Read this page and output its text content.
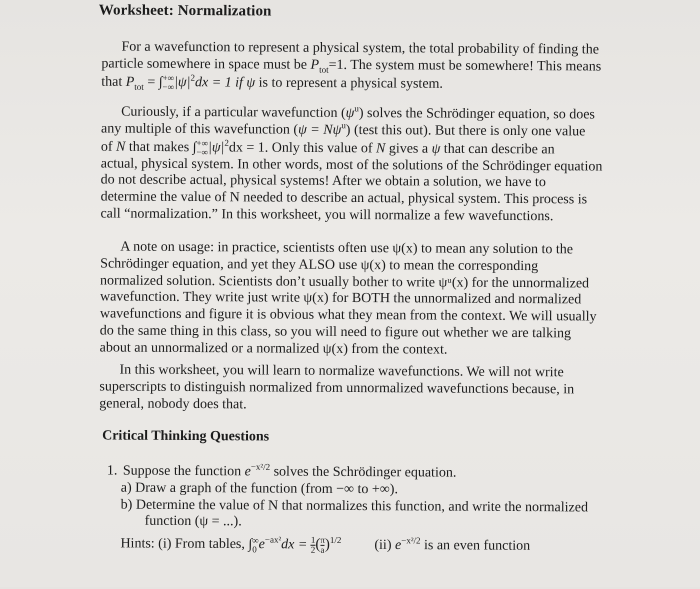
Worksheet: Normalization
For a wavefunction to represent a physical system, the total probability of finding the
particle somewhere in space must be $P_{tot}=1$. The system must be somewhere! This means
that $P_{tot}$ = ∫ +∞
−∞ $|\psi|^2dx = 1$ if ψ is to represent a physical system.
Curiously, if a particular wavefunction $(\psi^u)$ solves the Schrödinger equation, so does
any multiple of this wavefunction $(\psi = N\psi^u)$ (test this out). But there is only one value
of N that makes ∫ +∞
−∞ $|\psi|^2dx = 1$. Only this value of N gives a ψ that can describe an
actual, physical system. In other words, most of the solutions of the Schrödinger equation
do not describe actual, physical systems! After we obtain a solution, we have to
determine the value of N needed to describe an actual, physical system. This process is
call “normalization.” In this worksheet, you will normalize a few wavefunctions.
A note on usage: in practice, scientists often use ψ(x) to mean any solution to the
Schrödinger equation, and yet they ALSO use ψ(x) to mean the corresponding
normalized solution. Scientists don’t usually bother to write ψᵘ(x) for the unnormalized
wavefunction. They write just write ψ(x) for BOTH the unnormalized and normalized
wavefunctions and figure it is obvious what they mean from the context. We will usually
do the same thing in this class, so you will need to figure out whether we are talking
about an unnormalized or a normalized ψ(x) from the context.
In this worksheet, you will learn to normalize wavefunctions. We will not write
superscripts to distinguish normalized from unnormalized wavefunctions because, in
general, nobody does that.
Critical Thinking Questions
1. Suppose the function $e^{-x^2/2}$ solves the Schrödinger equation.
a) Draw a graph of the function (from −∞ to +∞).
b) Determine the value of N that normalizes this function, and write the normalized
function (ψ = ...).
Hints: (i) From tables, ∫ ∞
0 $e^{-ax^2}dx = \frac{1}{2}$ ( $\frac{\pi}{a} )^{1/2}$ (ii) $e^{-x^2/2}$ is an even function
